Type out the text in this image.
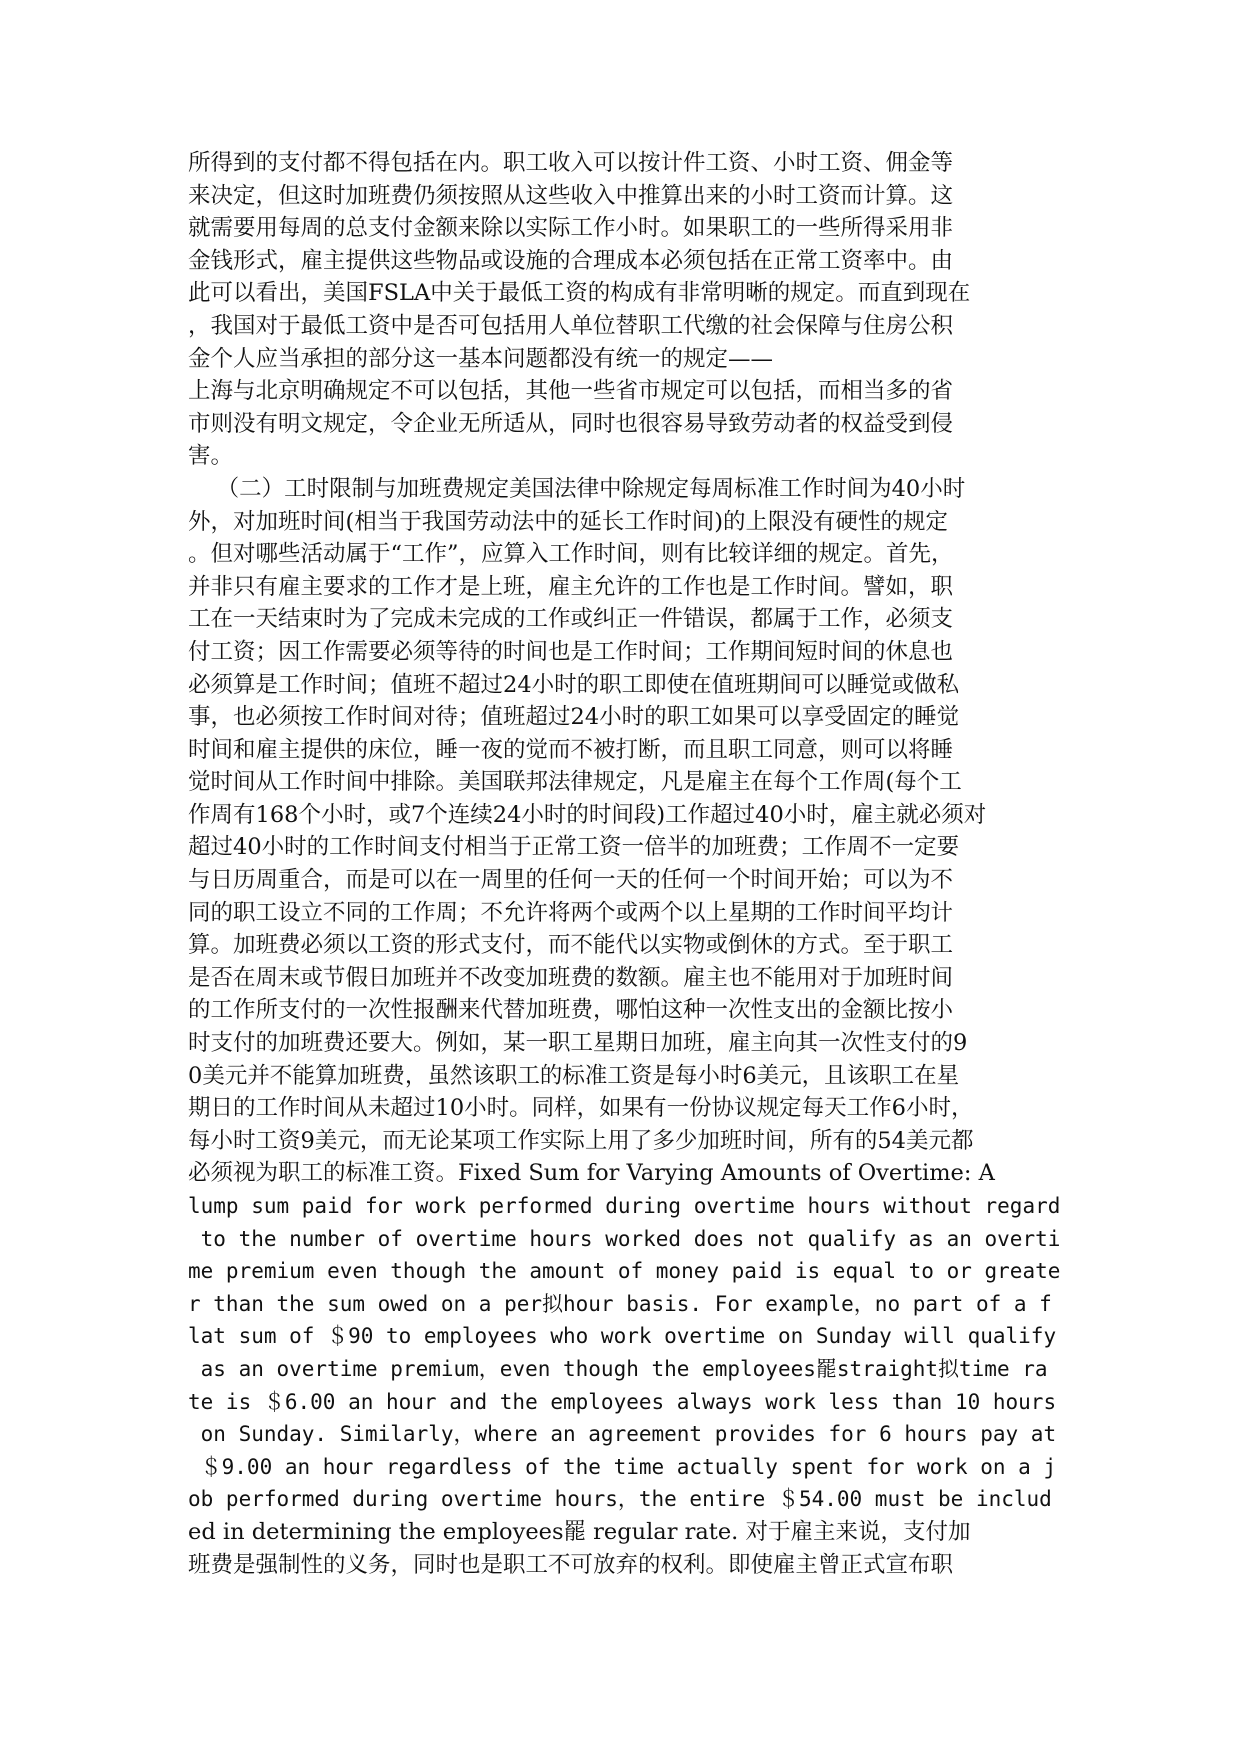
所得到的支付都不得包括在内。职工收入可以按计件工资、小时工资、佣金等
来决定，但这时加班费仍须按照从这些收入中推算出来的小时工资而计算。这
就需要用每周的总支付金额来除以实际工作小时。如果职工的一些所得采用非
金钱形式，雇主提供这些物品或设施的合理成本必须包括在正常工资率中。由
此可以看出，美国FSLA中关于最低工资的构成有非常明晰的规定。而直到现在
，我国对于最低工资中是否可包括用人单位替职工代缴的社会保障与住房公积
金个人应当承担的部分这一基本问题都没有统一的规定——
上海与北京明确规定不可以包括，其他一些省市规定可以包括，而相当多的省
市则没有明文规定，令企业无所适从，同时也很容易导致劳动者的权益受到侵
害。
（二）工时限制与加班费规定美国法律中除规定每周标准工作时间为40小时
外，对加班时间(相当于我国劳动法中的延长工作时间)的上限没有硬性的规定
。但对哪些活动属于“工作”，应算入工作时间，则有比较详细的规定。首先，
并非只有雇主要求的工作才是上班，雇主允许的工作也是工作时间。譬如，职
工在一天结束时为了完成未完成的工作或纠正一件错误，都属于工作，必须支
付工资；因工作需要必须等待的时间也是工作时间；工作期间短时间的休息也
必须算是工作时间；值班不超过24小时的职工即使在值班期间可以睡觉或做私
事，也必须按工作时间对待；值班超过24小时的职工如果可以享受固定的睡觉
时间和雇主提供的床位，睡一夜的觉而不被打断，而且职工同意，则可以将睡
觉时间从工作时间中排除。美国联邦法律规定，凡是雇主在每个工作周(每个工
作周有168个小时，或7个连续24小时的时间段)工作超过40小时，雇主就必须对
超过40小时的工作时间支付相当于正常工资一倍半的加班费；工作周不一定要
与日历周重合，而是可以在一周里的任何一天的任何一个时间开始；可以为不
同的职工设立不同的工作周；不允许将两个或两个以上星期的工作时间平均计
算。加班费必须以工资的形式支付，而不能代以实物或倒休的方式。至于职工
是否在周末或节假日加班并不改变加班费的数额。雇主也不能用对于加班时间
的工作所支付的一次性报酬来代替加班费，哪怕这种一次性支出的金额比按小
时支付的加班费还要大。例如，某一职工星期日加班，雇主向其一次性支付的9
0美元并不能算加班费，虽然该职工的标准工资是每小时6美元，且该职工在星
期日的工作时间从未超过10小时。同样，如果有一份协议规定每天工作6小时，
每小时工资9美元，而无论某项工作实际上用了多少加班时间，所有的54美元都
必须视为职工的标准工资。Fixed Sum for Varying Amounts of Overtime: A
lump sum paid for work performed during overtime hours without regard
to the number of overtime hours worked does not qualify as an overti
me premium even though the amount of money paid is equal to or greate
r than the sum owed on a per拟hour basis. For example，no part of a f
lat sum of ＄90 to employees who work overtime on Sunday will qualify
as an overtime premium，even though the employees罷straight拟time ra
te is ＄6.00 an hour and the employees always work less than 10 hours
on Sunday. Similarly，where an agreement provides for 6 hours pay at
＄9.00 an hour regardless of the time actually spent for work on a j
ob performed during overtime hours，the entire ＄54.00 must be includ
ed in determining the employees罷 regular rate. 对于雇主来说，支付加
班费是强制性的义务，同时也是职工不可放弃的权利。即使雇主曾正式宣布职
